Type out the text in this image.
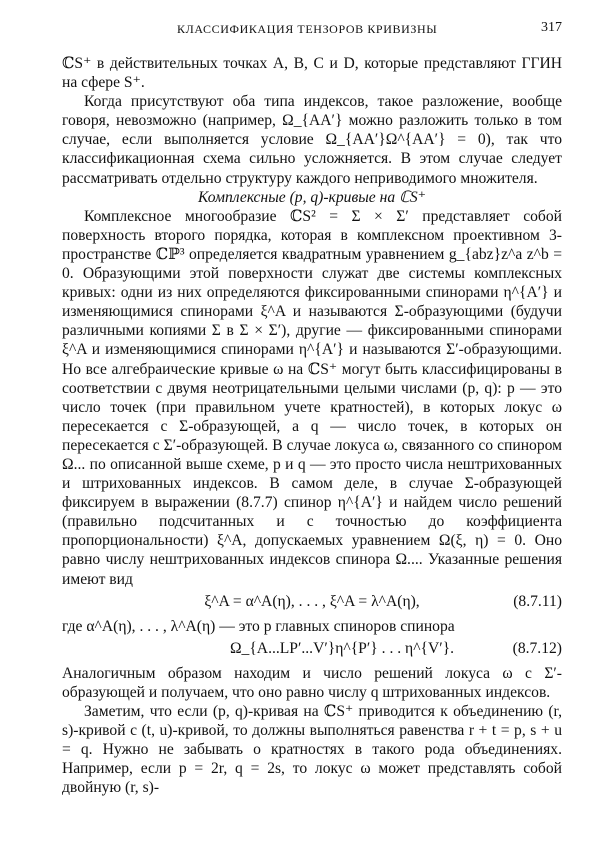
КЛАССИФИКАЦИЯ ТЕНЗОРОВ КРИВИЗНЫ	317

ℂS⁺ в действительных точках A, B, C и D, которые представляют ГГИН на сфере S⁺.

Когда присутствуют оба типа индексов, такое разложение, вообще говоря, невозможно (например, Ω_{AA′} можно разложить только в том случае, если выполняется условие Ω_{AA′}Ω^{AA′} = 0), так что классификационная схема сильно усложняется. В этом случае следует рассматривать отдельно структуру каждого неприводимого множителя.

Комплексные (p, q)-кривые на ℂS⁺

Комплексное многообразие ℂS² = Σ × Σ′ представляет собой поверхность второго порядка, которая в комплексном проективном 3-пространстве ℂℙ³ определяется квадратным уравнением g_{abz}z^a z^b = 0. Образующими этой поверхности служат две системы комплексных кривых: одни из них определяются фиксированными спинорами η^{A′} и изменяющимися спинорами ξ^A и называются Σ-образующими (будучи различными копиями Σ в Σ × Σ′), другие — фиксированными спинорами ξ^A и изменяющимися спинорами η^{A′} и называются Σ′-образующими. Но все алгебраические кривые ω на ℂS⁺ могут быть классифицированы в соответствии с двумя неотрицательными целыми числами (p, q): p — это число точек (при правильном учете кратностей), в которых локус ω пересекается с Σ-образующей, а q — число точек, в которых он пересекается с Σ′-образующей. В случае локуса ω, связанного со спинором Ω... по описанной выше схеме, p и q — это просто числа нештрихованных и штрихованных индексов. В самом деле, в случае Σ-образующей фиксируем в выражении (8.7.7) спинор η^{A′} и найдем число решений (правильно подсчитанных и с точностью до коэффициента пропорциональности) ξ^A, допускаемых уравнением Ω(ξ, η) = 0. Оно равно числу нештрихованных индексов спинора Ω.... Указанные решения имеют вид

ξ^A = α^A(η), . . . , ξ^A = λ^A(η),	(8.7.11)

где α^A(η), . . . , λ^A(η) — это p главных спиноров спинора

Ω_{A...LP′...V′}η^{P′} . . . η^{V′}.	(8.7.12)

Аналогичным образом находим и число решений локуса ω с Σ′-образующей и получаем, что оно равно числу q штрихованных индексов.

Заметим, что если (p, q)-кривая на ℂS⁺ приводится к объединению (r, s)-кривой с (t, u)-кривой, то должны выполняться равенства r + t = p, s + u = q. Нужно не забывать о кратностях в такого рода объединениях. Например, если p = 2r, q = 2s, то локус ω может представлять собой двойную (r, s)-
